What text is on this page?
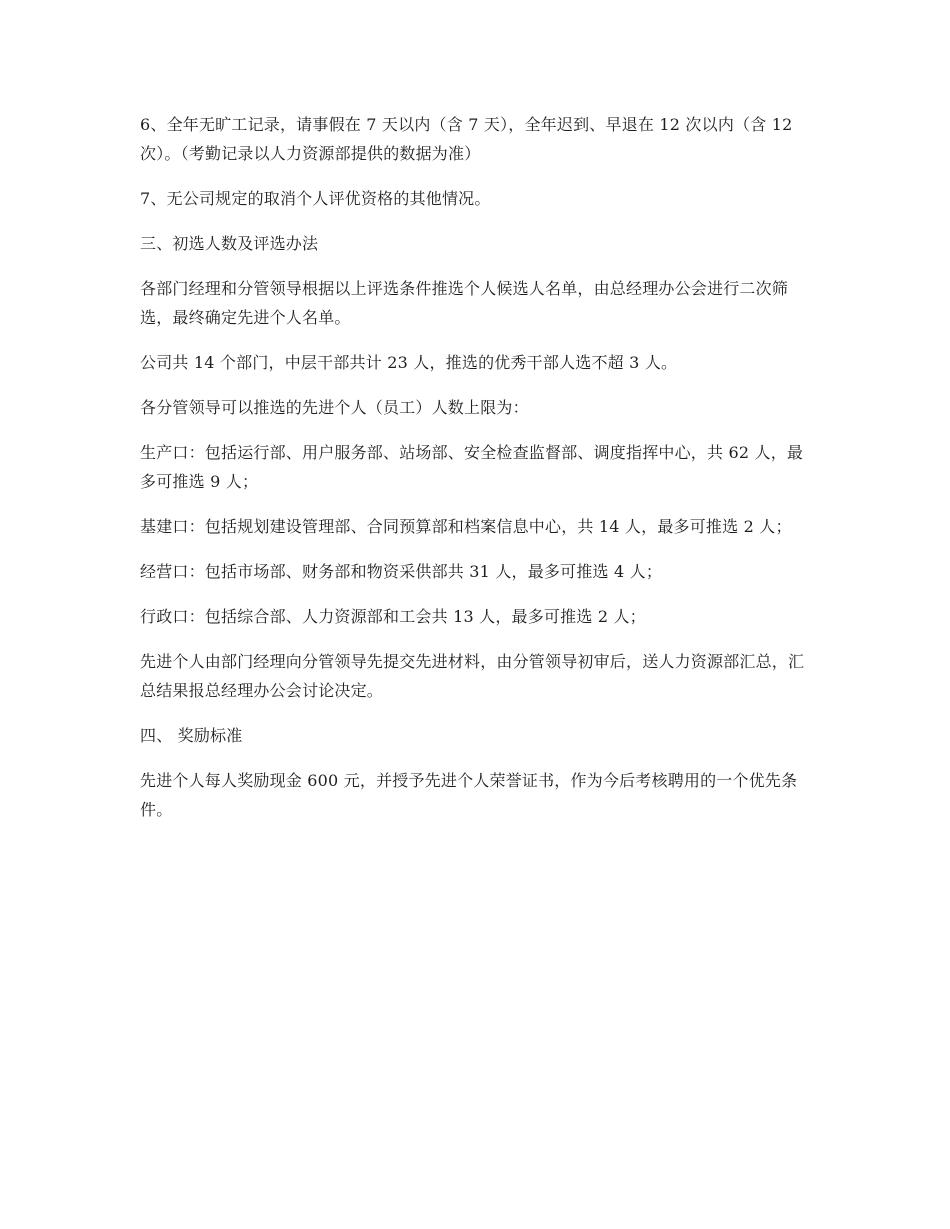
6、全年无旷工记录，请事假在 7 天以内（含 7 天），全年迟到、早退在 12 次以内（含 12 次）。（考勤记录以人力资源部提供的数据为准）

7、无公司规定的取消个人评优资格的其他情况。

三、初选人数及评选办法

各部门经理和分管领导根据以上评选条件推选个人候选人名单，由总经理办公会进行二次筛选，最终确定先进个人名单。

公司共 14 个部门，中层干部共计 23 人，推选的优秀干部人选不超 3 人。

各分管领导可以推选的先进个人（员工）人数上限为：

生产口：包括运行部、用户服务部、站场部、安全检查监督部、调度指挥中心，共 62 人，最多可推选 9 人；

基建口：包括规划建设管理部、合同预算部和档案信息中心，共 14 人，最多可推选 2 人；

经营口：包括市场部、财务部和物资采供部共 31 人，最多可推选 4 人；

行政口：包括综合部、人力资源部和工会共 13 人，最多可推选 2 人；

先进个人由部门经理向分管领导先提交先进材料，由分管领导初审后，送人力资源部汇总，汇总结果报总经理办公会讨论决定。

四、 奖励标准

先进个人每人奖励现金 600 元，并授予先进个人荣誉证书，作为今后考核聘用的一个优先条件。
